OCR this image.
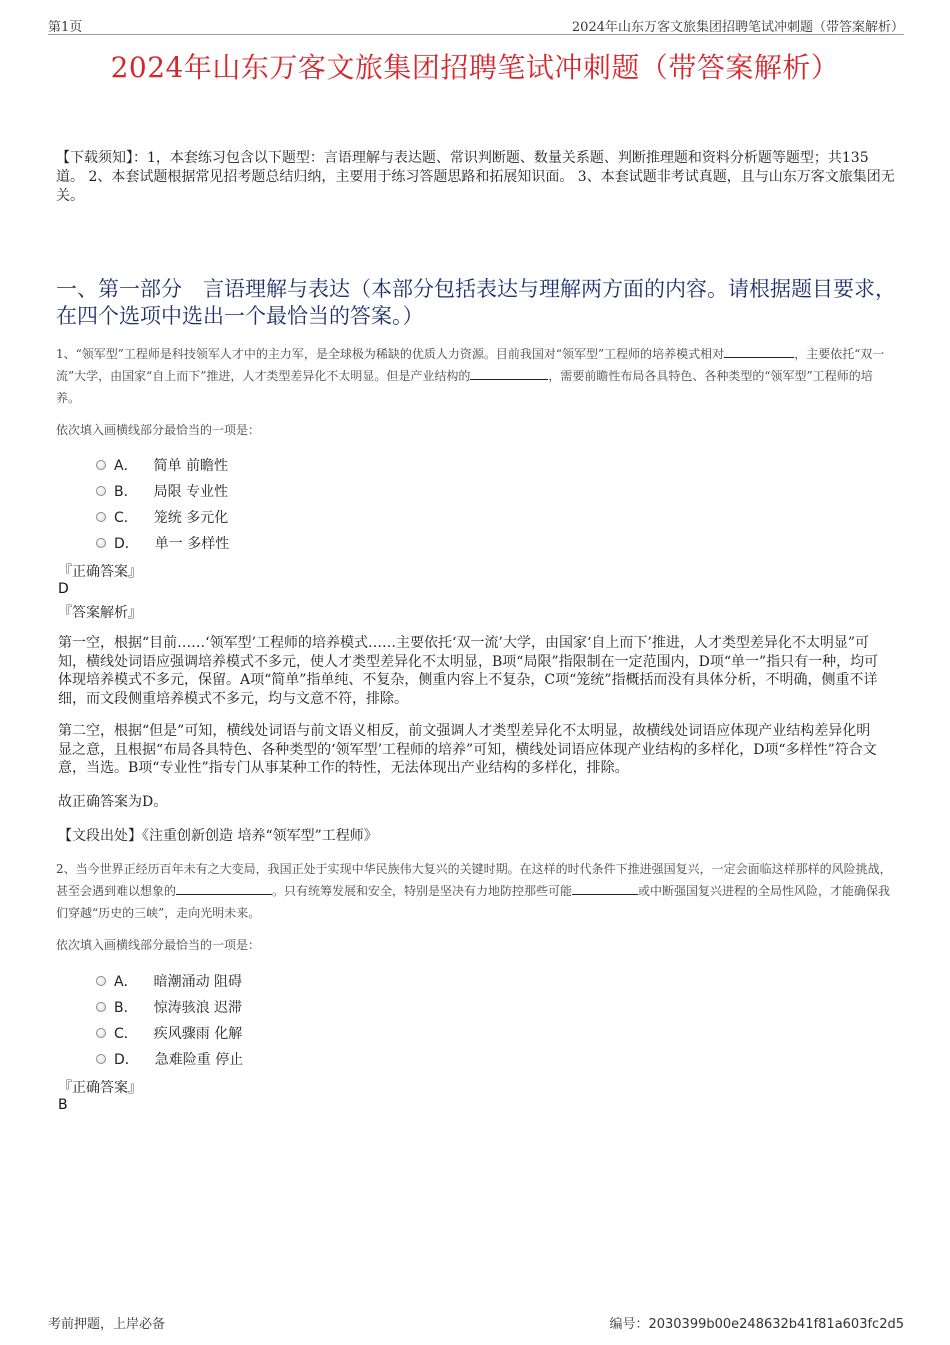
第1页	2024年山东万客文旅集团招聘笔试冲刺题（带答案解析）
2024年山东万客文旅集团招聘笔试冲刺题（带答案解析）
【下载须知】：1，本套练习包含以下题型：言语理解与表达题、常识判断题、数量关系题、判断推理题和资料分析题等题型；共135道。 2、本套试题根据常见招考题总结归纳，主要用于练习答题思路和拓展知识面。 3、本套试题非考试真题，且与山东万客文旅集团无关。
一、第一部分　言语理解与表达（本部分包括表达与理解两方面的内容。请根据题目要求，在四个选项中选出一个最恰当的答案。）
1、“领军型”工程师是科技领军人才中的主力军，是全球极为稀缺的优质人力资源。目前我国对“领军型”工程师的培养模式相对	，主要依托“双一流”大学，由国家“自上而下”推进，人才类型差异化不太明显。但是产业结构的	，需要前瞻性布局各具特色、各种类型的“领军型”工程师的培养。
依次填入画横线部分最恰当的一项是：
A． 简单 前瞻性
B． 局限 专业性
C． 笼统 多元化
D． 单一 多样性
『正确答案』
D
『答案解析』
第一空，根据“目前……‘领军型’工程师的培养模式……主要依托‘双一流’大学，由国家‘自上而下’推进，人才类型差异化不太明显”可知，横线处词语应强调培养模式不多元，使人才类型差异化不太明显，B项“局限”指限制在一定范围内，D项“单一”指只有一种，均可体现培养模式不多元，保留。A项“简单”指单纯、不复杂，侧重内容上不复杂，C项“笼统”指概括而没有具体分析，不明确，侧重不详细，而文段侧重培养模式不多元，均与文意不符，排除。
第二空，根据“但是”可知，横线处词语与前文语义相反，前文强调人才类型差异化不太明显，故横线处词语应体现产业结构差异化明显之意，且根据“布局各具特色、各种类型的‘领军型’工程师的培养”可知，横线处词语应体现产业结构的多样化，D项“多样性”符合文意，当选。B项“专业性”指专门从事某种工作的特性，无法体现出产业结构的多样化，排除。
故正确答案为D。
【文段出处】《注重创新创造 培养“领军型”工程师》
2、当今世界正经历百年未有之大变局，我国正处于实现中华民族伟大复兴的关键时期。在这样的时代条件下推进强国复兴，一定会面临这样那样的风险挑战，甚至会遇到难以想象的	。只有统筹发展和安全，特别是坚决有力地防控那些可能	或中断强国复兴进程的全局性风险，才能确保我们穿越“历史的三峡”，走向光明未来。
依次填入画横线部分最恰当的一项是：
A． 暗潮涌动 阻碍
B． 惊涛骇浪 迟滞
C． 疾风骤雨 化解
D． 急难险重 停止
『正确答案』
B
考前押题，上岸必备	编号：2030399b00e248632b41f81a603fc2d5
